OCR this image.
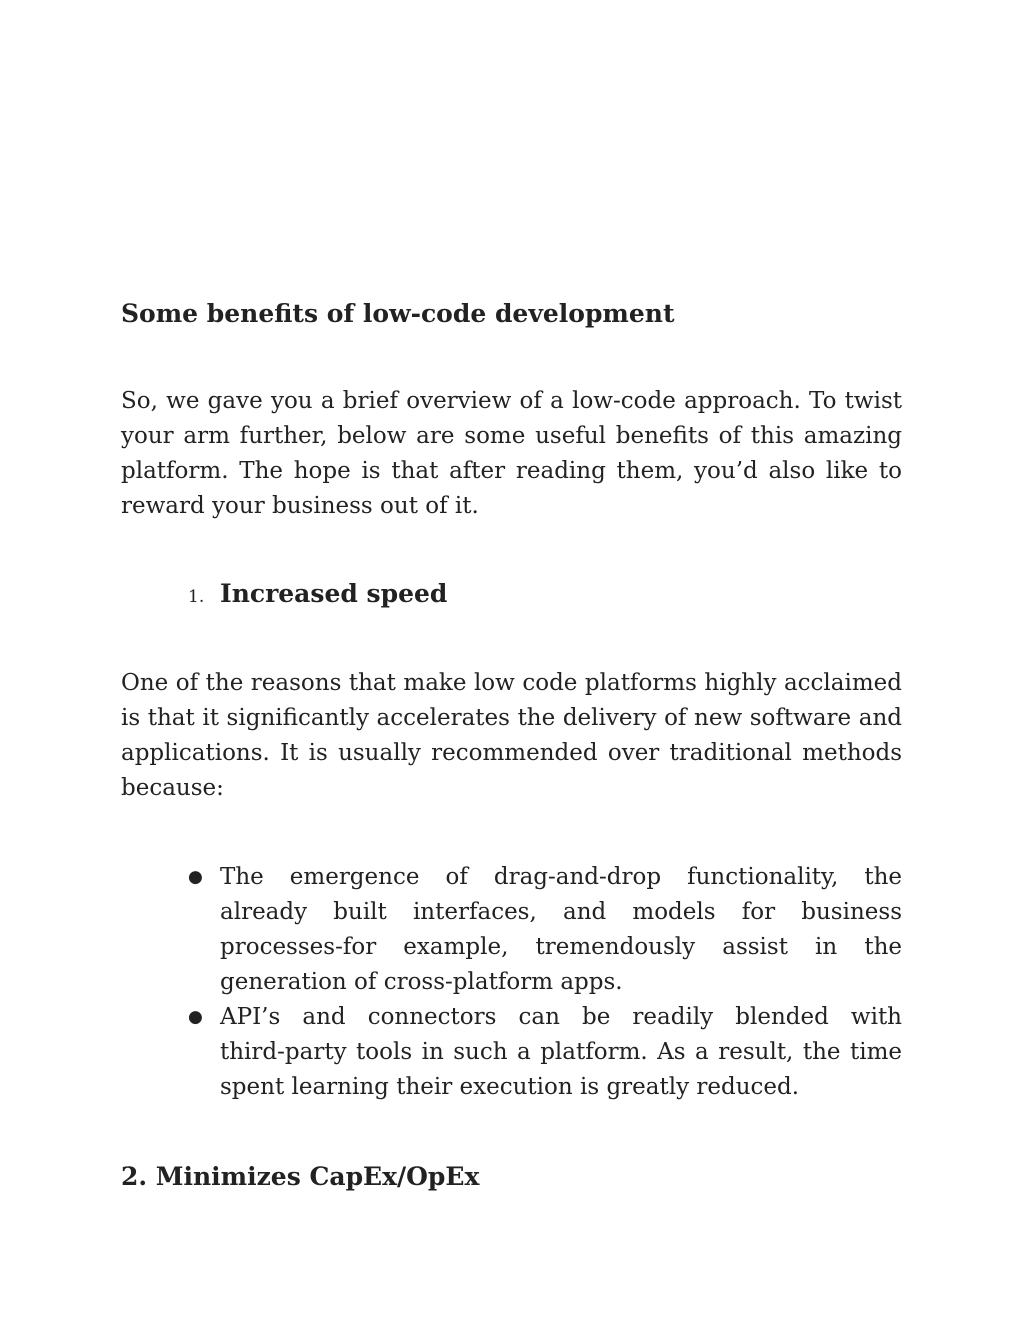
Some benefits of low-code development
So, we gave you a brief overview of a low-code approach. To twist
your arm further, below are some useful benefits of this amazing
platform. The hope is that after reading them, you’d also like to
reward your business out of it.
1. Increased speed
One of the reasons that make low code platforms highly acclaimed
is that it significantly accelerates the delivery of new software and
applications. It is usually recommended over traditional methods
because:
● The emergence of drag-and-drop functionality, the
already built interfaces, and models for business
processes-for example, tremendously assist in the
generation of cross-platform apps.
● API’s and connectors can be readily blended with
third-party tools in such a platform. As a result, the time
spent learning their execution is greatly reduced.
2. Minimizes CapEx/OpEx
